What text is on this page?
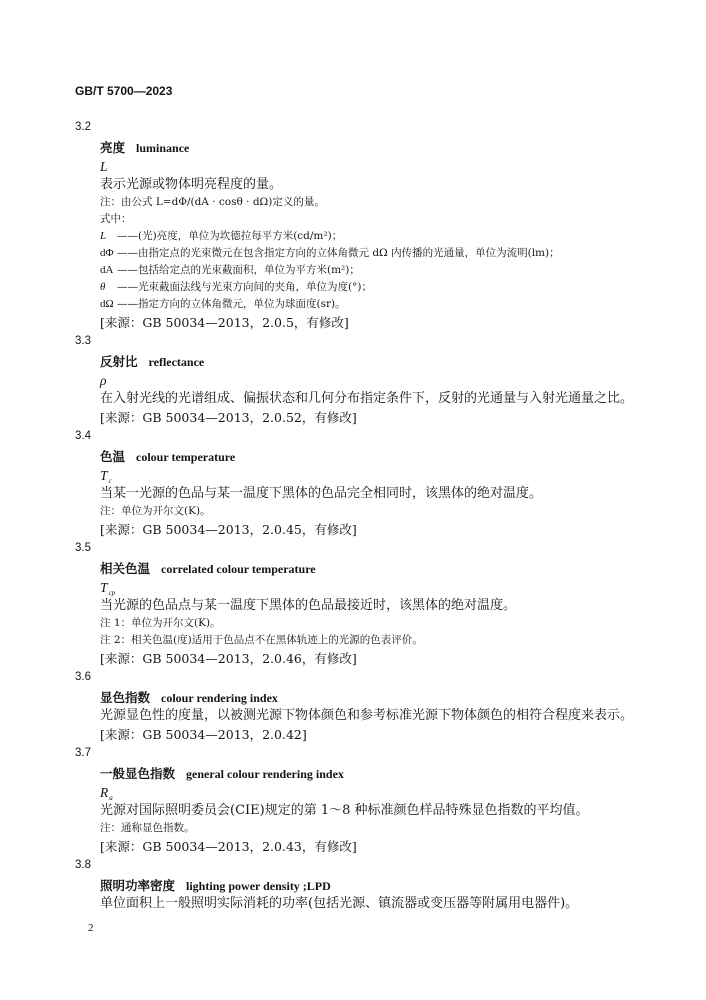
GB/T 5700—2023
3.2
亮度 luminance
L
表示光源或物体明亮程度的量。
注：由公式 L=dΦ/(dA · cosθ · dΩ)定义的量。
式中：
L ——(光)亮度，单位为坎德拉每平方米(cd/m²)；
dΦ ——由指定点的光束微元在包含指定方向的立体角微元 dΩ 内传播的光通量，单位为流明(lm)；
dA ——包括给定点的光束截面积，单位为平方米(m²)；
θ ——光束截面法线与光束方向间的夹角，单位为度(°)；
dΩ ——指定方向的立体角微元，单位为球面度(sr)。
[来源：GB 50034—2013，2.0.5，有修改]
3.3
反射比 reflectance
ρ
在入射光线的光谱组成、偏振状态和几何分布指定条件下，反射的光通量与入射光通量之比。
[来源：GB 50034—2013，2.0.52，有修改]
3.4
色温 colour temperature
$T_c$
当某一光源的色品与某一温度下黑体的色品完全相同时，该黑体的绝对温度。
注：单位为开尔文(K)。
[来源：GB 50034—2013，2.0.45，有修改]
3.5
相关色温 correlated colour temperature
$T_{cp}$
当光源的色品点与某一温度下黑体的色品最接近时，该黑体的绝对温度。
注 1：单位为开尔文(K)。
注 2：相关色温(度)适用于色品点不在黑体轨迹上的光源的色表评价。
[来源：GB 50034—2013，2.0.46，有修改]
3.6
显色指数 colour rendering index
光源显色性的度量，以被测光源下物体颜色和参考标准光源下物体颜色的相符合程度来表示。
[来源：GB 50034—2013，2.0.42]
3.7
一般显色指数 general colour rendering index
$R_a$
光源对国际照明委员会(CIE)规定的第 1～8 种标准颜色样品特殊显色指数的平均值。
注：通称显色指数。
[来源：GB 50034—2013，2.0.43，有修改]
3.8
照明功率密度 lighting power density ;LPD
单位面积上一般照明实际消耗的功率(包括光源、镇流器或变压器等附属用电器件)。
2
